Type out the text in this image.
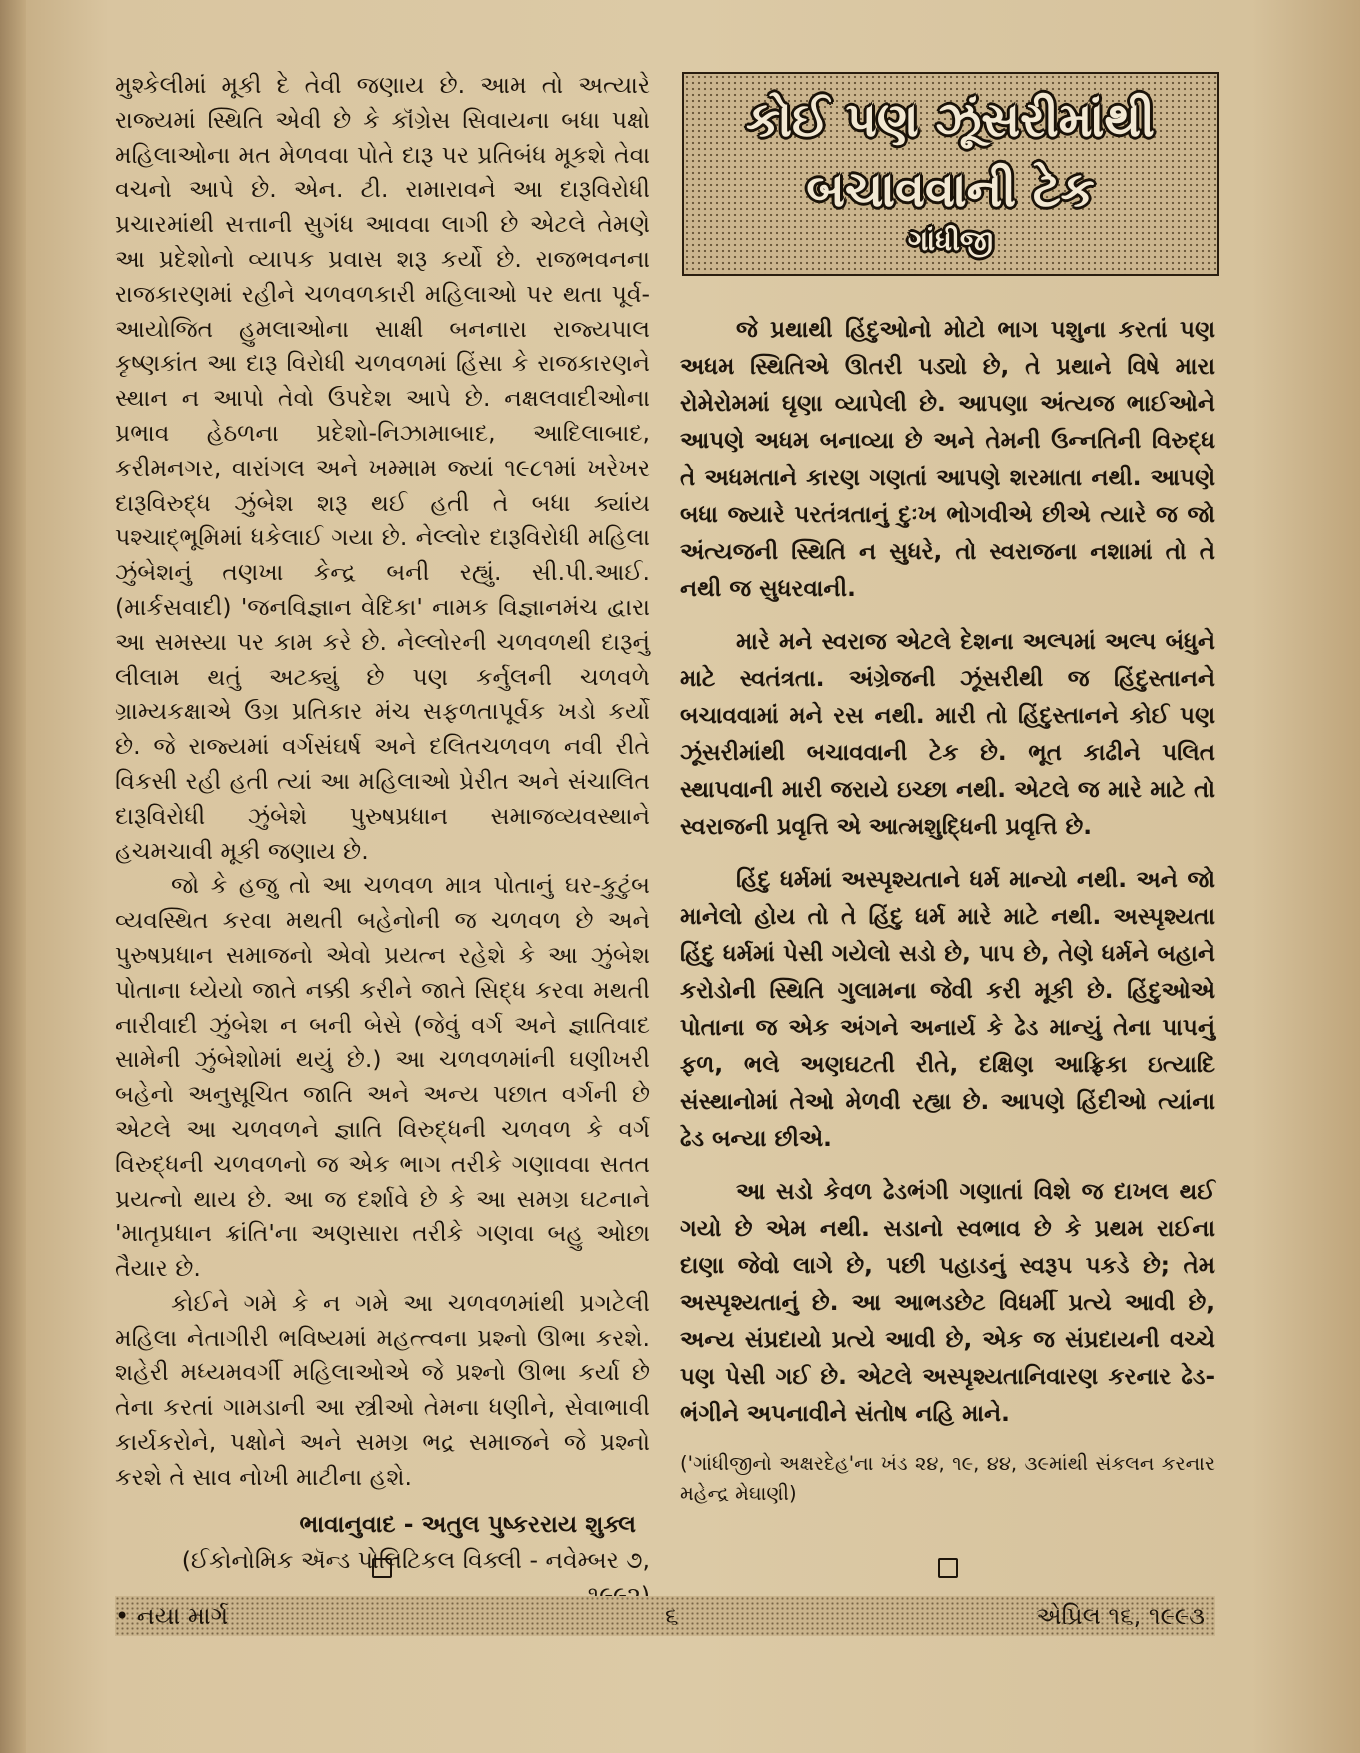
મુશ્કેલીમાં મૂકી દે તેવી જણાય છે. આમ તો અત્યારે રાજ્યમાં સ્થિતિ એવી છે કે કૉંગ્રેસ સિવાયના બધા પક્ષો મહિલાઓના મત મેળવવા પોતે દારૂ પર પ્રતિબંધ મૂકશે તેવા વચનો આપે છે. એન. ટી. રામારાવને આ દારૂવિરોધી પ્રચારમાંથી સત્તાની સુગંધ આવવા લાગી છે એટલે તેમણે આ પ્રદેશોનો વ્યાપક પ્રવાસ શરૂ કર્યો છે. રાજભવનના રાજકારણમાં રહીને ચળવળકારી મહિલાઓ પર થતા પૂર્વ-આયોજિત હુમલાઓના સાક્ષી બનનારા રાજ્યપાલ કૃષ્ણકાંત આ દારૂ વિરોધી ચળવળમાં હિંસા કે રાજકારણને સ્થાન ન આપો તેવો ઉપદેશ આપે છે. નક્ષલવાદીઓના પ્રભાવ હેઠળના પ્રદેશો-નિઝામાબાદ, આદિલાબાદ, કરીમનગર, વારાંગલ અને ખમ્મામ જ્યાં ૧૯૮૧માં ખરેખર દારૂવિરુદ્ધ ઝુંબેશ શરૂ થઈ હતી તે બધા ક્યાંય પશ્ચાદ્ભૂમિમાં ધકેલાઈ ગયા છે. નેલ્લોર દારૂવિરોધી મહિલા ઝુંબેશનું તણખા કેન્દ્ર બની રહ્યું. સી.પી.આઈ. (માર્કસવાદી) 'જનવિજ્ઞાન વેદિકા' નામક વિજ્ઞાનમંચ દ્વારા આ સમસ્યા પર કામ કરે છે. નેલ્લોરની ચળવળથી દારૂનું લીલામ થતું અટક્યું છે પણ કર્નુલની ચળવળે ગ્રામ્યકક્ષાએ ઉગ્ર પ્રતિકાર મંચ સફળતાપૂર્વક ખડો કર્યો છે. જે રાજ્યમાં વર્ગસંઘર્ષ અને દલિતચળવળ નવી રીતે વિકસી રહી હતી ત્યાં આ મહિલાઓ પ્રેરીત અને સંચાલિત દારૂવિરોધી ઝુંબેશે પુરુષપ્રધાન સમાજવ્યવસ્થાને હચમચાવી મૂકી જણાય છે.

જો કે હજુ તો આ ચળવળ માત્ર પોતાનું ઘર-કુટુંબ વ્યવસ્થિત કરવા મથતી બહેનોની જ ચળવળ છે અને પુરુષપ્રધાન સમાજનો એવો પ્રયત્ન રહેશે કે આ ઝુંબેશ પોતાના ધ્યેયો જાતે નક્કી કરીને જાતે સિદ્ધ કરવા મથતી નારીવાદી ઝુંબેશ ન બની બેસે (જેવું વર્ગ અને જ્ઞાતિવાદ સામેની ઝુંબેશોમાં થયું છે.) આ ચળવળમાંની ઘણીખરી બહેનો અનુસૂચિત જાતિ અને અન્ય પછાત વર્ગની છે એટલે આ ચળવળને જ્ઞાતિ વિરુદ્ધની ચળવળ કે વર્ગ વિરુદ્ધની ચળવળનો જ એક ભાગ તરીકે ગણાવવા સતત પ્રયત્નો થાય છે. આ જ દર્શાવે છે કે આ સમગ્ર ઘટનાને 'માતૃપ્રધાન ક્રાંતિ'ના અણસારા તરીકે ગણવા બહુ ઓછા તૈયાર છે.

કોઈને ગમે કે ન ગમે આ ચળવળમાંથી પ્રગટેલી મહિલા નેતાગીરી ભવિષ્યમાં મહત્ત્વના પ્રશ્નો ઊભા કરશે. શહેરી મધ્યમવર્ગી મહિલાઓએ જે પ્રશ્નો ઊભા કર્યા છે તેના કરતાં ગામડાની આ સ્ત્રીઓ તેમના ધણીને, સેવાભાવી કાર્યકરોને, પક્ષોને અને સમગ્ર ભદ્ર સમાજને જે પ્રશ્નો કરશે તે સાવ નોખી માટીના હશે.

ભાવાનુવાદ - અતુલ પુષ્કરરાય શુક્લ
(ઈકોનોમિક ઍન્ડ પોલિટિકલ વિક્લી - નવેમ્બર ૭,
કોઈ પણ ઝૂંસરીમાંથી
બચાવવાની ટેક
ગાંધીજી

જે પ્રથાથી હિંદુઓનો મોટો ભાગ પશુના કરતાં પણ અધમ સ્થિતિએ ઊતરી પડ્યો છે, તે પ્રથાને વિષે મારા રોમેરોમમાં ઘૃણા વ્યાપેલી છે. આપણા અંત્યજ ભાઈઓને આપણે અધમ બનાવ્યા છે અને તેમની ઉન્નતિની વિરુદ્ધ તે અધમતાને કારણ ગણતાં આપણે શરમાતા નથી. આપણે બધા જ્યારે પરતંત્રતાનું દુઃખ ભોગવીએ છીએ ત્યારે જ જો અંત્યજની સ્થિતિ ન સુધરે, તો સ્વરાજના નશામાં તો તે નથી જ સુધરવાની.

મારે મને સ્વરાજ એટલે દેશના અલ્પમાં અલ્પ બંધુને માટે સ્વતંત્રતા. અંગ્રેજની ઝૂંસરીથી જ હિંદુસ્તાનને બચાવવામાં મને રસ નથી. મારી તો હિંદુસ્તાનને કોઈ પણ ઝૂંસરીમાંથી બચાવવાની ટેક છે. ભૂત કાઢીને પલિત સ્થાપવાની મારી જરાયે ઇચ્છા નથી. એટલે જ મારે માટે તો સ્વરાજની પ્રવૃત્તિ એ આત્મશુદ્ધિની પ્રવૃત્તિ છે.

હિંદુ ધર્મમાં અસ્પૃશ્યતાને ધર્મ માન્યો નથી. અને જો માનેલો હોય તો તે હિંદુ ધર્મ મારે માટે નથી. અસ્પૃશ્યતા હિંદુ ધર્મમાં પેસી ગયેલો સડો છે, પાપ છે, તેણે ધર્મને બહાને કરોડોની સ્થિતિ ગુલામના જેવી કરી મૂકી છે. હિંદુઓએ પોતાના જ એક અંગને અનાર્ય કે ઢેડ માન્યું તેના પાપનું ફળ, ભલે અણઘટતી રીતે, દક્ષિણ આફ્રિકા ઇત્યાદિ સંસ્થાનોમાં તેઓ મેળવી રહ્યા છે. આપણે હિંદીઓ ત્યાંના ઢેડ બન્યા છીએ.

આ સડો કેવળ ઢેડભંગી ગણાતાં વિશે જ દાખલ થઈ ગયો છે એમ નથી. સડાનો સ્વભાવ છે કે પ્રથમ રાઈના દાણા જેવો લાગે છે, પછી પહાડનું સ્વરૂપ પકડે છે; તેમ અસ્પૃશ્યતાનું છે. આ આભડછેટ વિધર્મી પ્રત્યે આવી છે, અન્ય સંપ્રદાયો પ્રત્યે આવી છે, એક જ સંપ્રદાયની વચ્ચે પણ પેસી ગઈ છે. એટલે અસ્પૃશ્યતાનિવારણ કરનાર ઢેડ-ભંગીને અપનાવીને સંતોષ નહિ માને.

('ગાંધીજીનો અક્ષરદેહ'ના ખંડ ૨૪, ૧૯, ૪૪, ૩૯માંથી સંકલન કરનાર મહેન્દ્ર મેઘાણી)

• નયા માર્ગ	૬	એપ્રિલ ૧૬, ૧૯૯૩
